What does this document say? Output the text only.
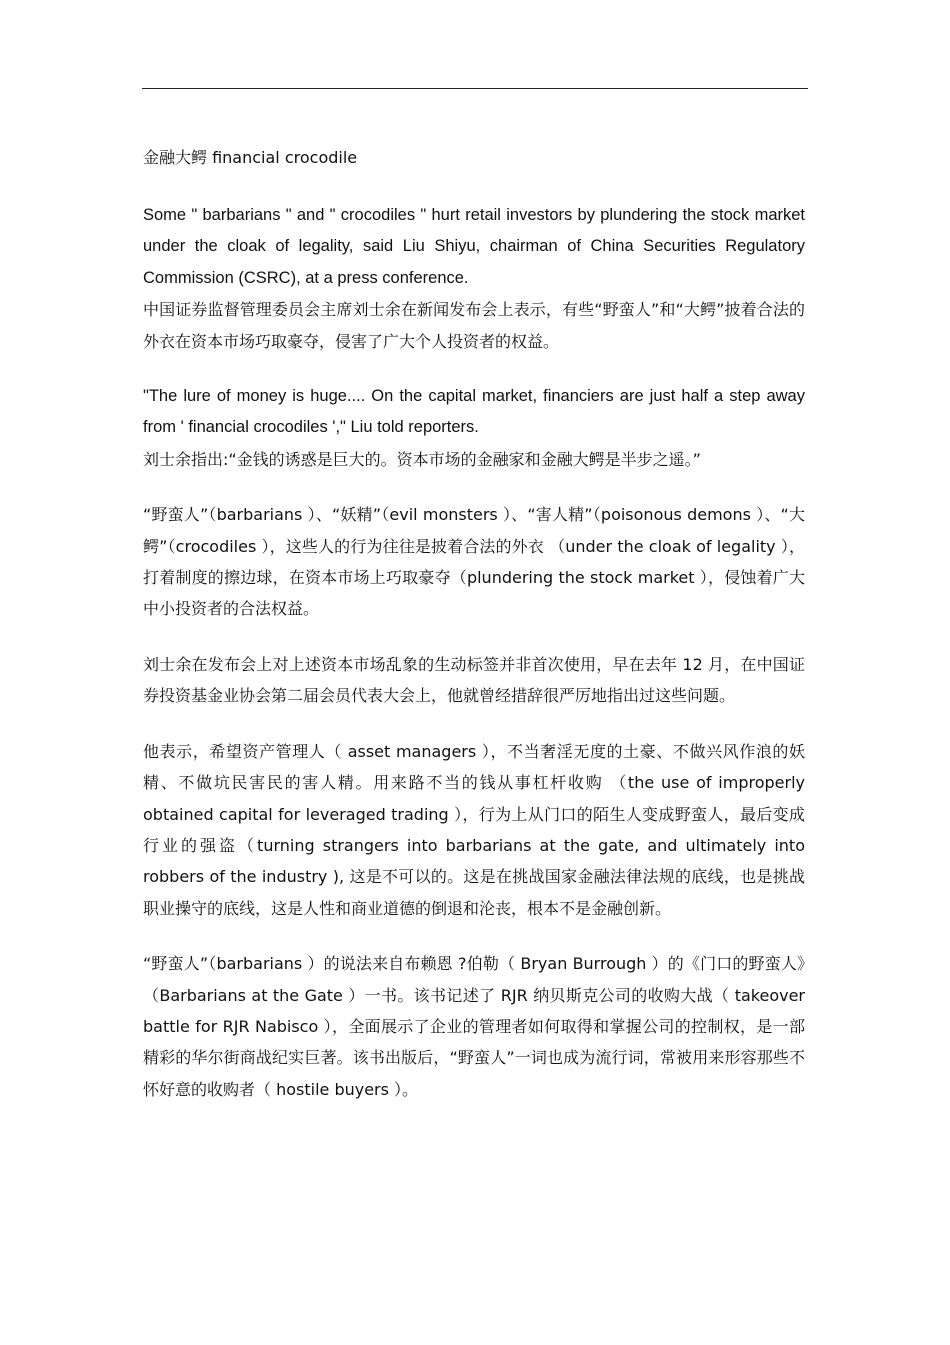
金融大鳄 financial crocodile
Some " barbarians " and " crocodiles " hurt retail investors by plundering the stock market under the cloak of legality, said Liu Shiyu, chairman of China Securities Regulatory Commission (CSRC), at a press conference.
中国证券监督管理委员会主席刘士余在新闻发布会上表示，有些“野蛮人”和“大鳄”披着合法的外衣在资本市场巧取豪夺，侵害了广大个人投资者的权益。
"The lure of money is huge.... On the capital market, financiers are just half a step away from ' financial crocodiles '," Liu told reporters.
刘士余指出:“金钱的诱惑是巨大的。资本市场的金融家和金融大鳄是半步之遥。”
“野蛮人”（barbarians ）、“妖精”（evil monsters ）、“害人精”（poisonous demons ）、“大鳄”（crocodiles ），这些人的行为往往是披着合法的外衣 （under the cloak of legality ），打着制度的擦边球，在资本市场上巧取豪夺（plundering the stock market ），侵蚀着广大中小投资者的合法权益。
刘士余在发布会上对上述资本市场乱象的生动标签并非首次使用，早在去年 12 月，在中国证券投资基金业协会第二届会员代表大会上，他就曾经措辞很严厉地指出过这些问题。
他表示，希望资产管理人（ asset managers ），不当奢淫无度的土豪、不做兴风作浪的妖精、不做坑民害民的害人精。用来路不当的钱从事杠杆收购 （the use of improperly obtained capital for leveraged trading ），行为上从门口的陌生人变成野蛮人，最后变成行业的强盗（turning strangers into barbarians at the gate, and ultimately into robbers of the industry ), 这是不可以的。这是在挑战国家金融法律法规的底线，也是挑战职业操守的底线，这是人性和商业道德的倒退和沦丧，根本不是金融创新。
“野蛮人”（barbarians ）的说法来自布赖恩 ?伯勒（ Bryan Burrough ）的《门口的野蛮人》（Barbarians at the Gate ）一书。该书记述了 RJR 纳贝斯克公司的收购大战（ takeover battle for RJR Nabisco ），全面展示了企业的管理者如何取得和掌握公司的控制权，是一部精彩的华尔街商战纪实巨著。该书出版后，“野蛮人”一词也成为流行词，常被用来形容那些不怀好意的收购者（ hostile buyers ）。
